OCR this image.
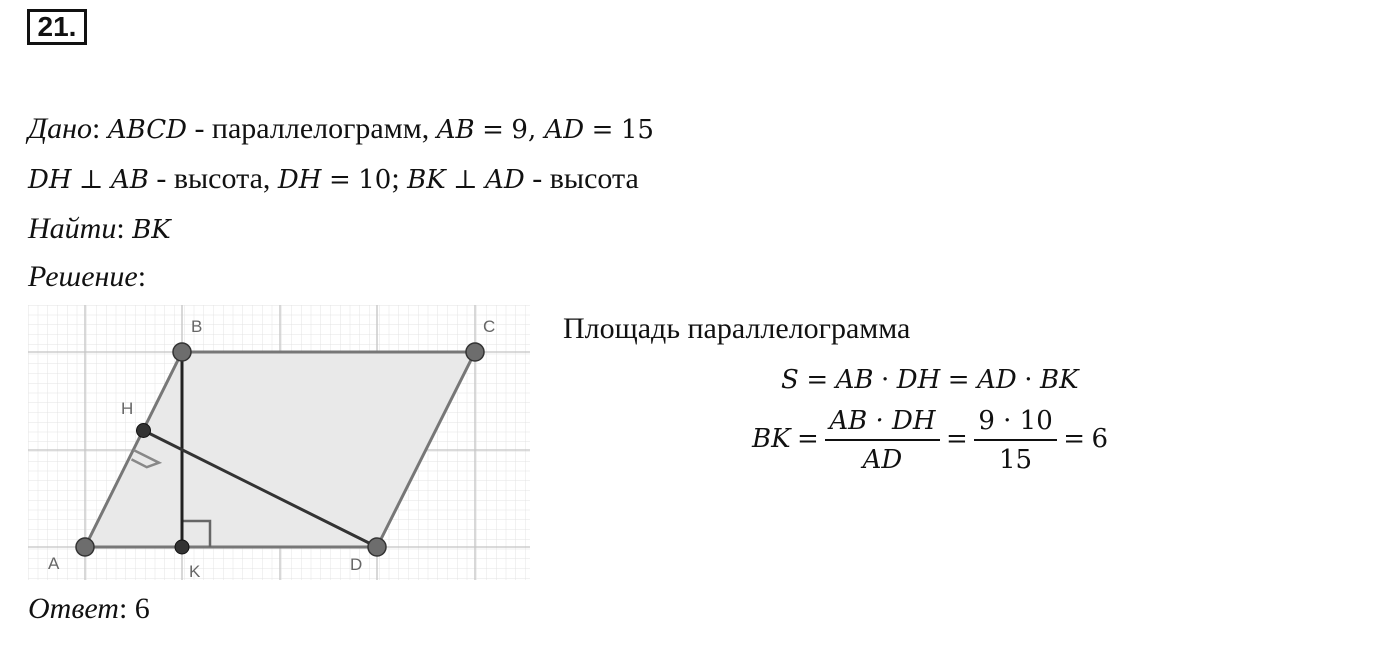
21.
Дано: ABCD - параллелограмм, AB = 9, AD = 15
DH ⊥ AB - высота, DH = 10; BK ⊥ AD - высота
Найти: BK
Решение:
A
B	C
D
H
K
Площадь параллелограмма
S = AB · DH = AD · BK
BK = $\frac{AB \cdot DH}{AD} = \frac{9 \cdot 10}{15} = 6$
Ответ: 6
